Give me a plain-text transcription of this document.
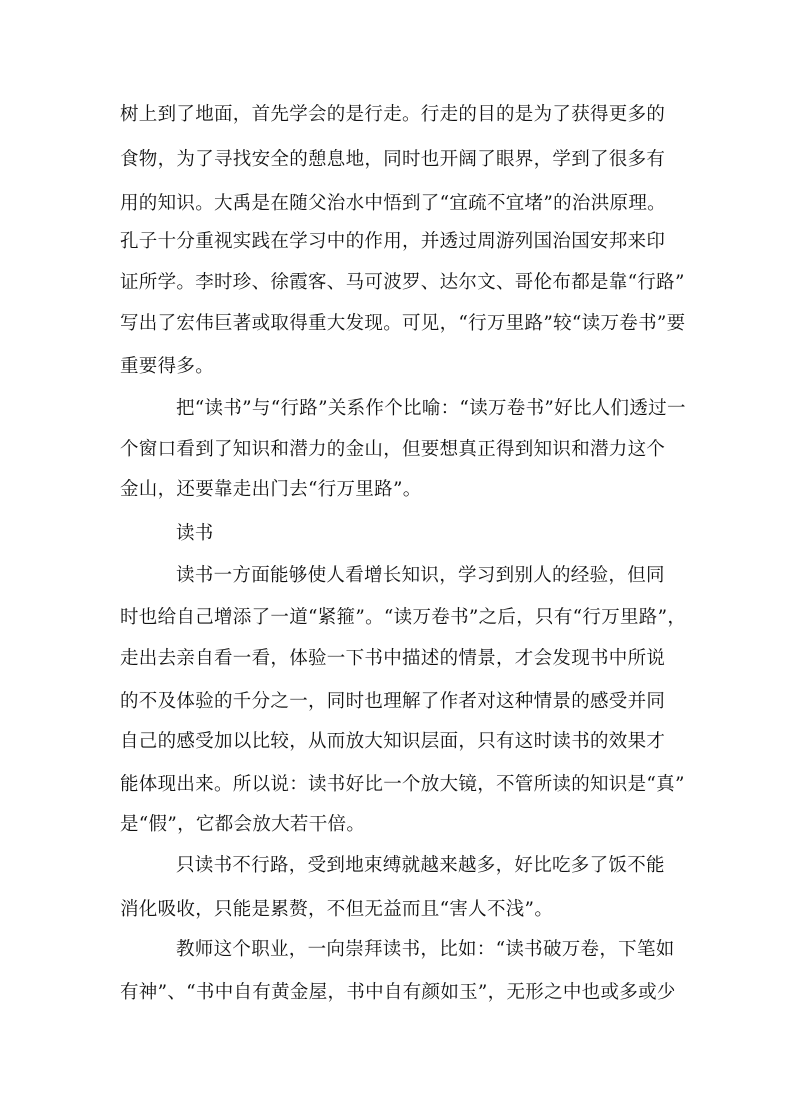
树上到了地面，首先学会的是行走。行走的目的是为了获得更多的
食物，为了寻找安全的憩息地，同时也开阔了眼界，学到了很多有
用的知识。大禹是在随父治水中悟到了“宜疏不宜堵”的治洪原理。
孔子十分重视实践在学习中的作用，并透过周游列国治国安邦来印
证所学。李时珍、徐霞客、马可波罗、达尔文、哥伦布都是靠“行路”
写出了宏伟巨著或取得重大发现。可见，“行万里路”较“读万卷书”要
重要得多。
把“读书”与“行路”关系作个比喻：“读万卷书”好比人们透过一
个窗口看到了知识和潜力的金山，但要想真正得到知识和潜力这个
金山，还要靠走出门去“行万里路”。
读书
读书一方面能够使人看增长知识，学习到别人的经验，但同
时也给自己增添了一道“紧箍”。“读万卷书”之后，只有“行万里路”，
走出去亲自看一看，体验一下书中描述的情景，才会发现书中所说
的不及体验的千分之一，同时也理解了作者对这种情景的感受并同
自己的感受加以比较，从而放大知识层面，只有这时读书的效果才
能体现出来。所以说：读书好比一个放大镜，不管所读的知识是“真”
是“假”，它都会放大若干倍。
只读书不行路，受到地束缚就越来越多，好比吃多了饭不能
消化吸收，只能是累赘，不但无益而且“害人不浅”。
教师这个职业，一向崇拜读书，比如：“读书破万卷，下笔如
有神”、“书中自有黄金屋，书中自有颜如玉”，无形之中也或多或少
